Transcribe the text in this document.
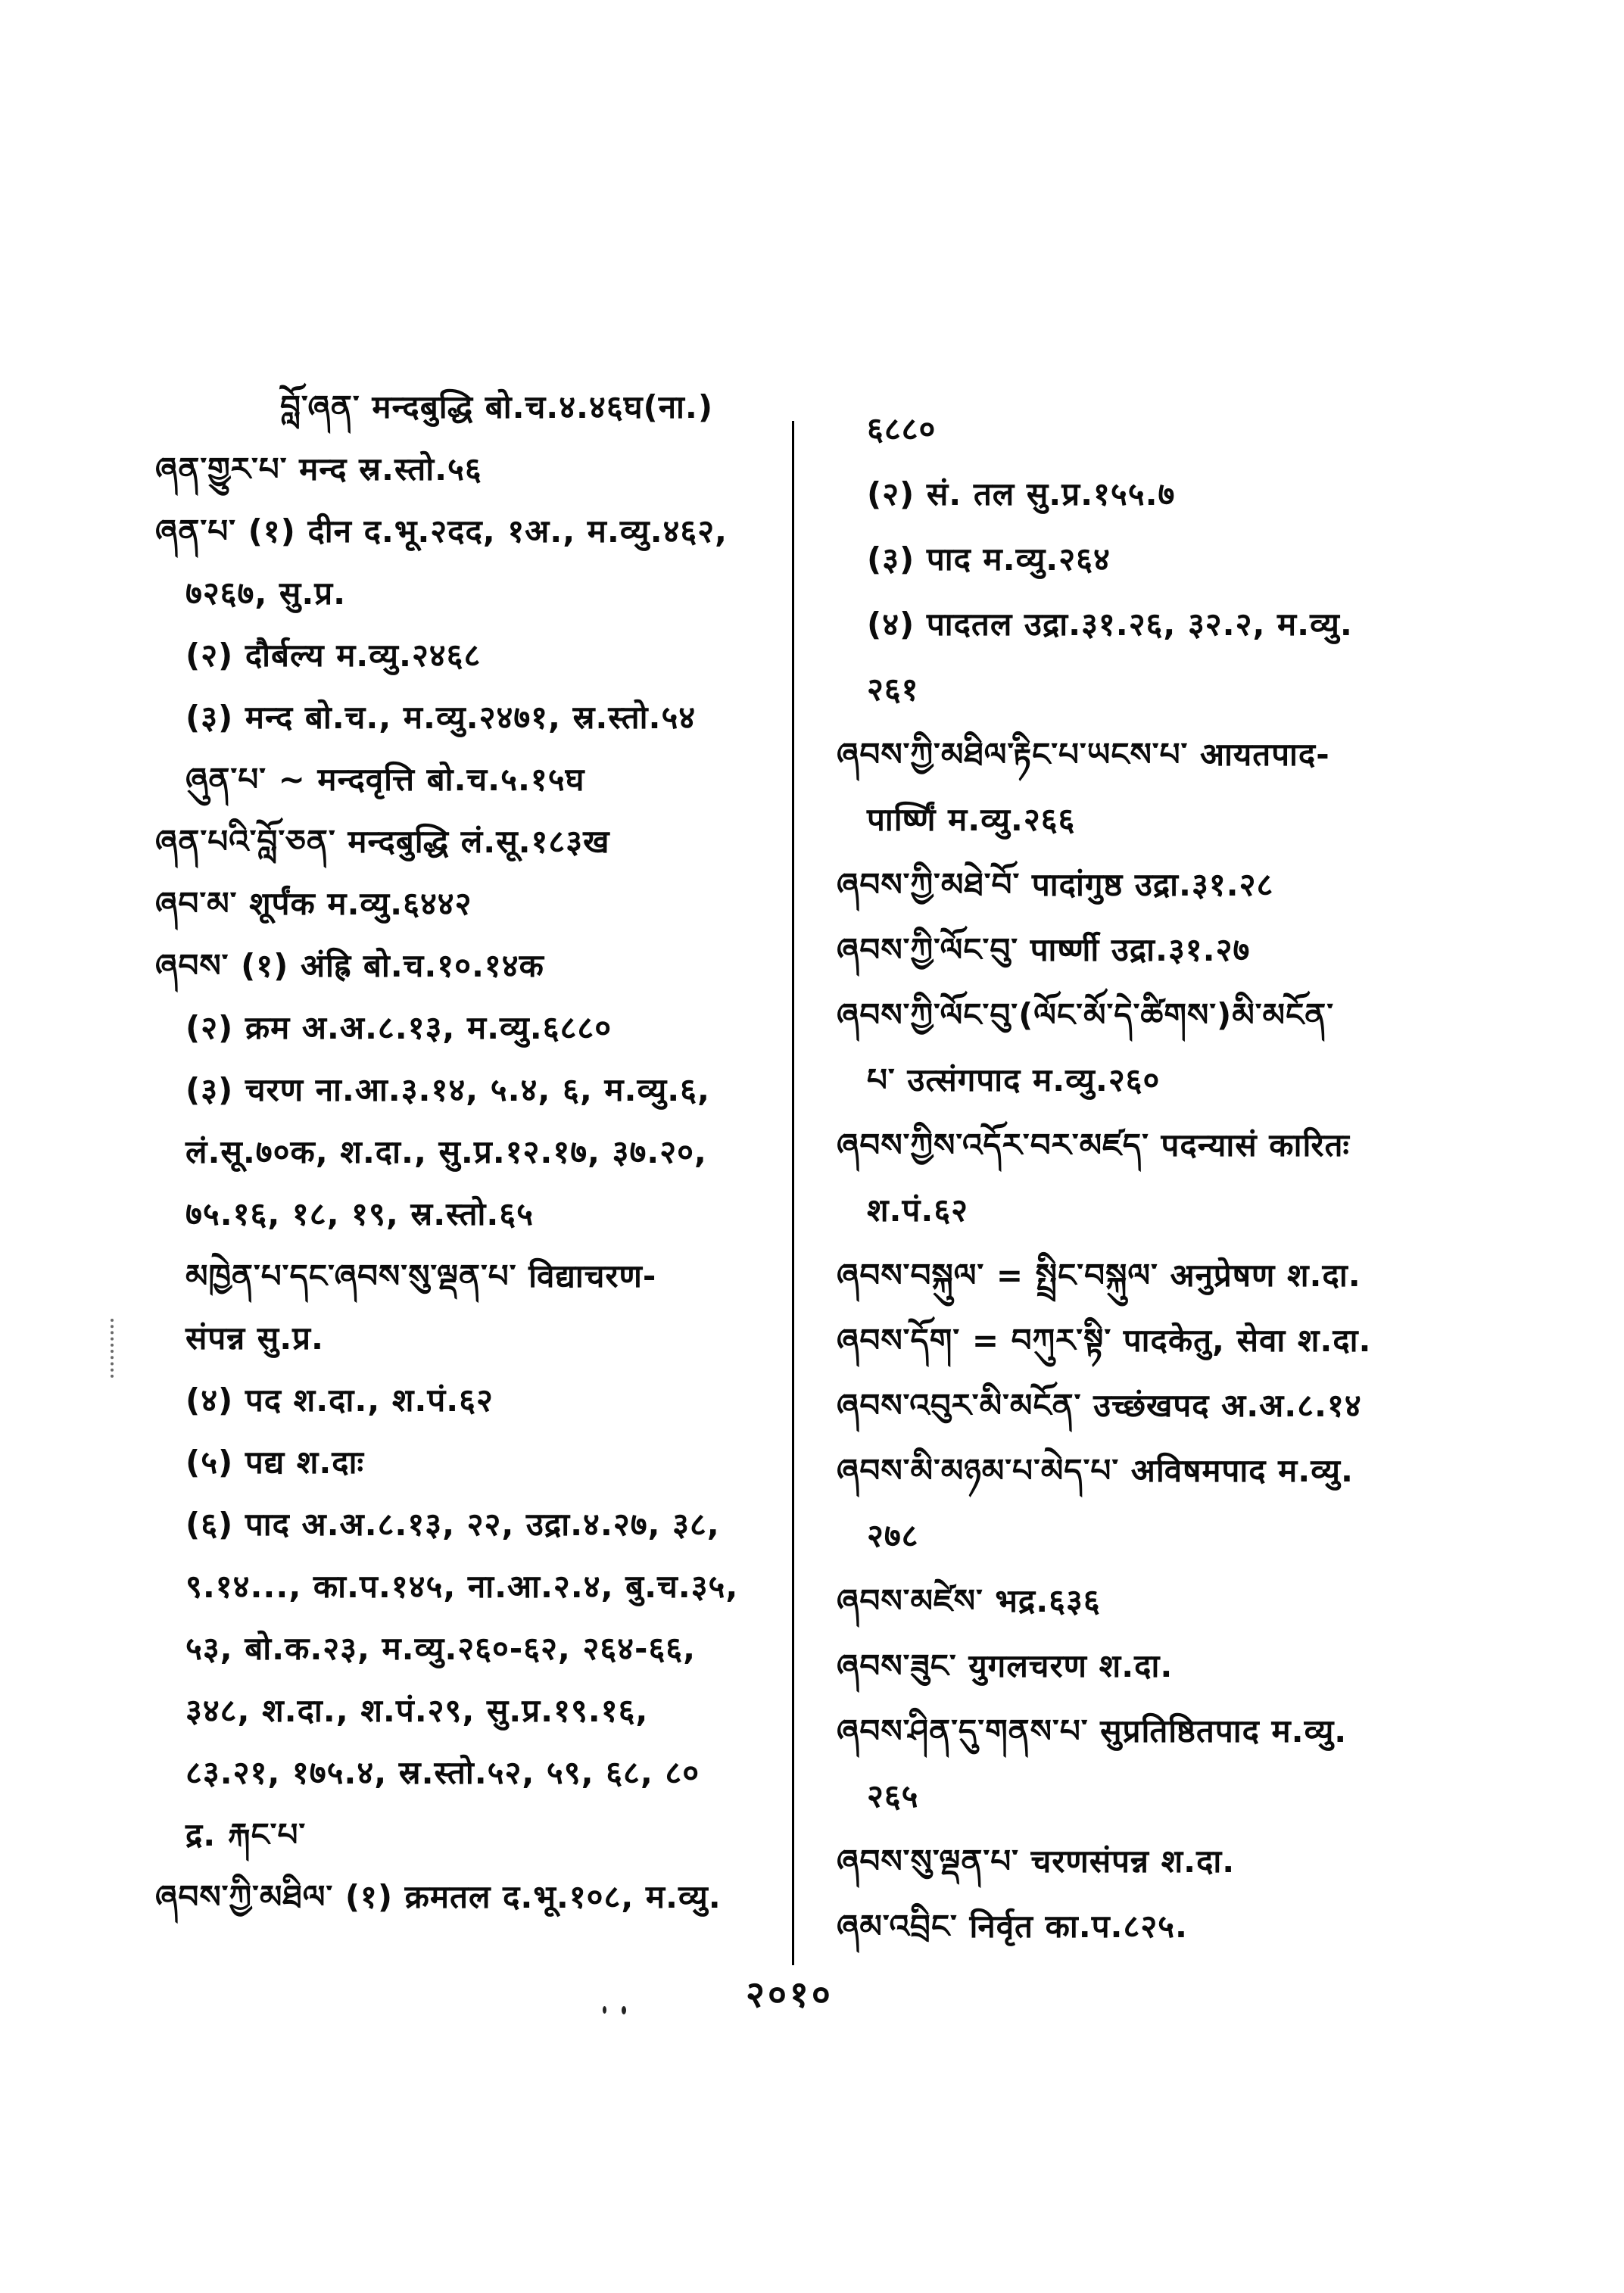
བློ་ཞན་ मन्दबुद्धि बो.च.४.४६घ(ना.)
ཞན་གྱུར་པ་ मन्द स्र.स्तो.५६
ཞན་པ་ (१) दीन द.भू.२दद, १अ., म.व्यु.४६२,
७२६७, सु.प्र.
(२) दौर्बल्य म.व्यु.२४६८
(३) मन्द बो.च., म.व्यु.२४७१, स्र.स्तो.५४
ཞུན་པ་ ~ मन्दवृत्ति बो.च.५.१५घ
ཞན་པའི་བློ་ཅན་ मन्दबुद्धि लं.सू.१८३ख
ཞབ་མ་ शूर्पंक म.व्यु.६४४२
ཞབས་ (१) अंह्रि बो.च.१०.१४क
(२) क्रम अ.अ.८.१३, म.व्यु.६८८०
(३) चरण ना.आ.३.१४, ५.४, ६, म.व्यु.६,
लं.सू.७०क, श.दा., सु.प्र.१२.१७, ३७.२०,
७५.१६, १८, १९, स्र.स्तो.६५
མཁྱེན་པ་དང་ཞབས་སུ་ལྡན་པ་ विद्याचरण-
संपन्न सु.प्र.
(४) पद श.दा., श.पं.६२
(५) पद्य श.दाः
(६) पाद अ.अ.८.१३, २२, उद्रा.४.२७, ३८,
९.१४..., का.प.१४५, ना.आ.२.४, बु.च.३५,
५३, बो.क.२३, म.व्यु.२६०-६२, २६४-६६,
३४८, श.दा., श.पं.२९, सु.प्र.१९.१६,
८३.२१, १७५.४, स्र.स्तो.५२, ५९, ६८, ८०
द्र. རྐང་པ་
ཞབས་ཀྱི་མཐིལ་ (१) क्रमतल द.भू.१०८, म.व्यु.
६८८०
(२) सं. तल सु.प्र.१५५.७
(३) पाद म.व्यु.२६४
(४) पादतल उद्रा.३१.२६, ३२.२, म.व्यु.
२६१
ཞབས་ཀྱི་མཐིལ་རྟིང་པ་ཡངས་པ་ आयतपाद-
पार्ष्णिं म.व्यु.२६६
ཞབས་ཀྱི་མཐེ་བོ་ पादांगुष्ठ उद्रा.३१.२८
ཞབས་ཀྱི་ལོང་བུ་ पार्ष्णी उद्रा.३१.२७
ཞབས་ཀྱི་ལོང་བུ་(ལོང་མོ་དེ་ཚིགས་)མི་མངོན་
པ་ उत्संगपाद म.व्यु.२६०
ཞབས་ཀྱིས་འདོར་བར་མཛད་ पदन्यासं कारितः
श.पं.६२
ཞབས་བསྐུལ་ = སྤྲིང་བསྐུལ་ अनुप्रेषण श.दा.
ཞབས་དོག་ = བཀུར་སྟི་ पादकेतु, सेवा श.दा.
ཞབས་འབུར་མི་མངོན་ उच्छंखपद अ.अ.८.१४
ཞབས་མི་མཉམ་པ་མེད་པ་ अविषमपाद म.व्यु.
२७८
ཞབས་མཛེས་ भद्र.६३६
ཞབས་ཟུང་ युगलचरण श.दा.
ཞབས་ཤིན་དུ་གནས་པ་ सुप्रतिष्ठितपाद म.व्यु.
२६५
ཞབས་སུ་ལྡན་པ་ चरणसंपन्न श.दा.
ཞམ་འབྲིང་ निर्वृत का.प.८२५.
२०१०
